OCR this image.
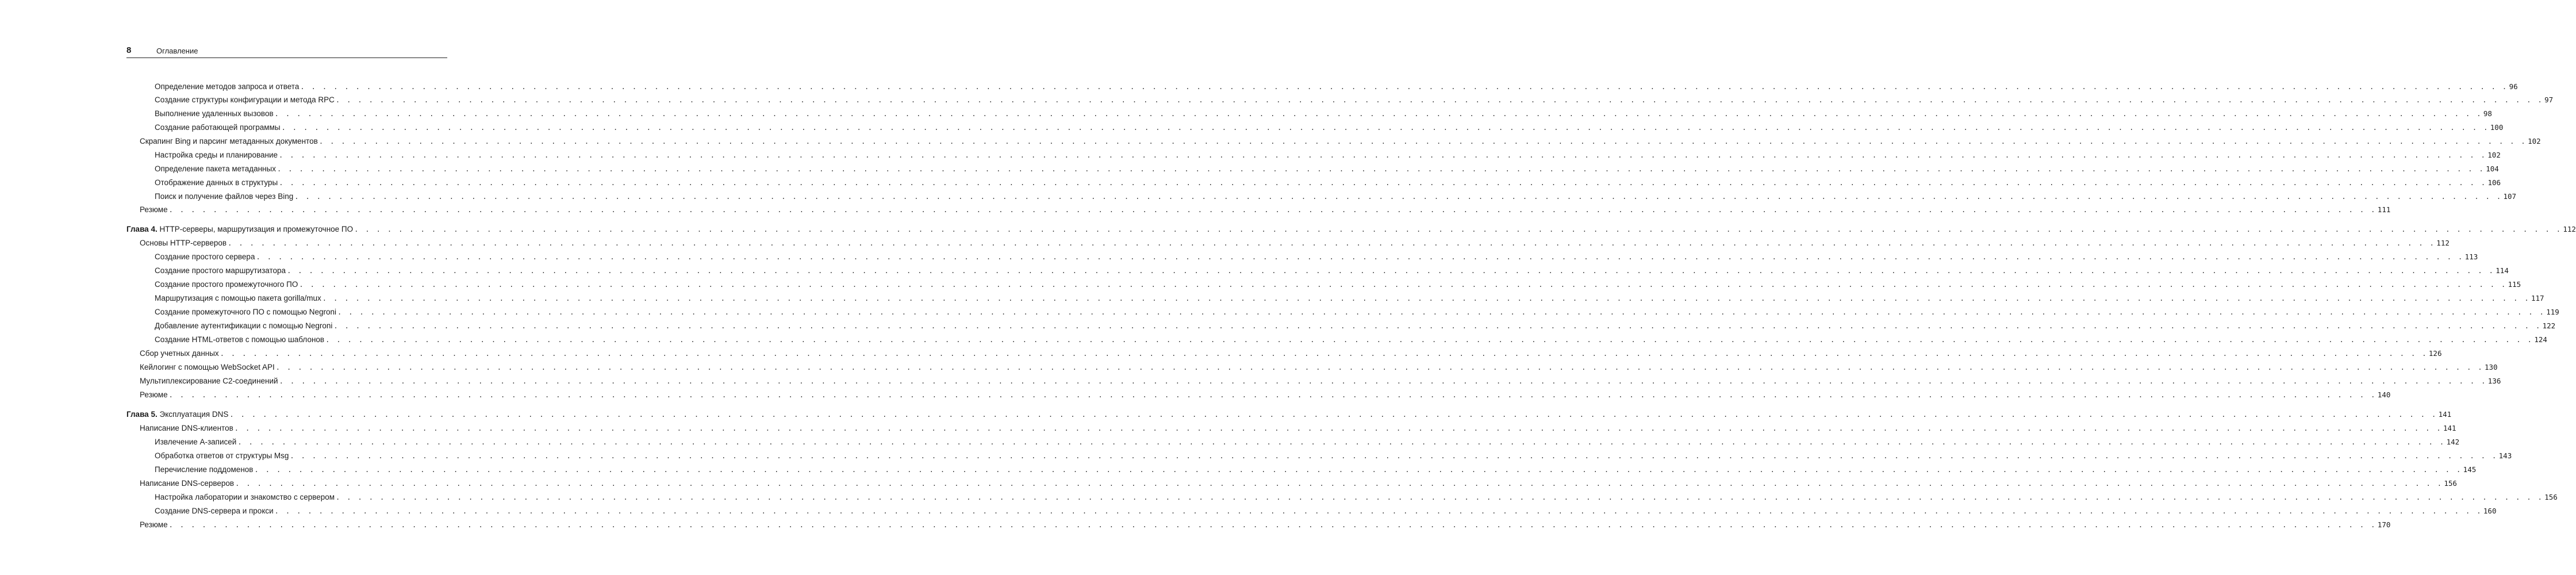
8	Оглавление
Определение методов запроса и ответа . . . . . . . . . . . . . . . . . . . . . . . . . . . . . . . . . . . . . . . . . . . . . . . . . . . . . . . . . . . . . . . . . . . . . . . . . . . . . . . . . . . . . . . . . . . . . . . . . . . . . . . . . . . . . . . . . . . . . . . . . . . . . . . . . . . . . . . . . . . . . . . . . . . . . . . . . . . . . . . . . . . . . . . . . . . . . . . . . . . . . . . . . . . . . . . . . . . . . . . . 96
Создание структуры конфигурации и метода RPC . . . . . . . . . . . . . . . . . . . . . . . . . . . . . . . . . . . . . . . . . . . . . . . . . . . . . . . . . . . . . . . . . . . . . . . . . . . . . . . . . . . . . . . . . . . . . . . . . . . . . . . . . . . . . . . . . . . . . . . . . . . . . . . . . . . . . . . . . . . . . . . . . . . . . . . . . . . . . . . . . . . . . . . . . . . . . . . . . . . . . . . . . . . . . . . . . . . . . . . . 97
Выполнение удаленных вызовов . . . . . . . . . . . . . . . . . . . . . . . . . . . . . . . . . . . . . . . . . . . . . . . . . . . . . . . . . . . . . . . . . . . . . . . . . . . . . . . . . . . . . . . . . . . . . . . . . . . . . . . . . . . . . . . . . . . . . . . . . . . . . . . . . . . . . . . . . . . . . . . . . . . . . . . . . . . . . . . . . . . . . . . . . . . . . . . . . . . . . . . . . . . . . . . . . . . . . . . . 98
Создание работающей программы . . . . . . . . . . . . . . . . . . . . . . . . . . . . . . . . . . . . . . . . . . . . . . . . . . . . . . . . . . . . . . . . . . . . . . . . . . . . . . . . . . . . . . . . . . . . . . . . . . . . . . . . . . . . . . . . . . . . . . . . . . . . . . . . . . . . . . . . . . . . . . . . . . . . . . . . . . . . . . . . . . . . . . . . . . . . . . . . . . . . . . . . . . . . . . . . . . . . . . . . 100
Скрапинг Bing и парсинг метаданных документов . . . . . . . . . . . . . . . . . . . . . . . . . . . . . . . . . . . . . . . . . . . . . . . . . . . . . . . . . . . . . . . . . . . . . . . . . . . . . . . . . . . . . . . . . . . . . . . . . . . . . . . . . . . . . . . . . . . . . . . . . . . . . . . . . . . . . . . . . . . . . . . . . . . . . . . . . . . . . . . . . . . . . . . . . . . . . . . . . . . . . . . . . . . . . . . . . . . . . . . . 102
Настройка среды и планирование . . . . . . . . . . . . . . . . . . . . . . . . . . . . . . . . . . . . . . . . . . . . . . . . . . . . . . . . . . . . . . . . . . . . . . . . . . . . . . . . . . . . . . . . . . . . . . . . . . . . . . . . . . . . . . . . . . . . . . . . . . . . . . . . . . . . . . . . . . . . . . . . . . . . . . . . . . . . . . . . . . . . . . . . . . . . . . . . . . . . . . . . . . . . . . . . . . . . . . . . 102
Определение пакета метаданных . . . . . . . . . . . . . . . . . . . . . . . . . . . . . . . . . . . . . . . . . . . . . . . . . . . . . . . . . . . . . . . . . . . . . . . . . . . . . . . . . . . . . . . . . . . . . . . . . . . . . . . . . . . . . . . . . . . . . . . . . . . . . . . . . . . . . . . . . . . . . . . . . . . . . . . . . . . . . . . . . . . . . . . . . . . . . . . . . . . . . . . . . . . . . . . . . . . . . . . . 104
Отображение данных в структуры . . . . . . . . . . . . . . . . . . . . . . . . . . . . . . . . . . . . . . . . . . . . . . . . . . . . . . . . . . . . . . . . . . . . . . . . . . . . . . . . . . . . . . . . . . . . . . . . . . . . . . . . . . . . . . . . . . . . . . . . . . . . . . . . . . . . . . . . . . . . . . . . . . . . . . . . . . . . . . . . . . . . . . . . . . . . . . . . . . . . . . . . . . . . . . . . . . . . . . . . 106
Поиск и получение файлов через Bing . . . . . . . . . . . . . . . . . . . . . . . . . . . . . . . . . . . . . . . . . . . . . . . . . . . . . . . . . . . . . . . . . . . . . . . . . . . . . . . . . . . . . . . . . . . . . . . . . . . . . . . . . . . . . . . . . . . . . . . . . . . . . . . . . . . . . . . . . . . . . . . . . . . . . . . . . . . . . . . . . . . . . . . . . . . . . . . . . . . . . . . . . . . . . . . . . . . . . . . . 107
Резюме . . . . . . . . . . . . . . . . . . . . . . . . . . . . . . . . . . . . . . . . . . . . . . . . . . . . . . . . . . . . . . . . . . . . . . . . . . . . . . . . . . . . . . . . . . . . . . . . . . . . . . . . . . . . . . . . . . . . . . . . . . . . . . . . . . . . . . . . . . . . . . . . . . . . . . . . . . . . . . . . . . . . . . . . . . . . . . . . . . . . . . . . . . . . . . . . . . . . . . . . 111
Глава 4. HTTP-серверы, маршрутизация и промежуточное ПО . . . . . . . . . . . . . . . . . . . . . . . . . . . . . . . . . . . . . . . . . . . . . . . . . . . . . . . . . . . . . . . . . . . . . . . . . . . . . . . . . . . . . . . . . . . . . . . . . . . . . . . . . . . . . . . . . . . . . . . . . . . . . . . . . . . . . . . . . . . . . . . . . . . . . . . . . . . . . . . . . . . . . . . . . . . . . . . . . . . . . . . . . . . . . . . . . . . . . . . . 112
Основы HTTP-серверов . . . . . . . . . . . . . . . . . . . . . . . . . . . . . . . . . . . . . . . . . . . . . . . . . . . . . . . . . . . . . . . . . . . . . . . . . . . . . . . . . . . . . . . . . . . . . . . . . . . . . . . . . . . . . . . . . . . . . . . . . . . . . . . . . . . . . . . . . . . . . . . . . . . . . . . . . . . . . . . . . . . . . . . . . . . . . . . . . . . . . . . . . . . . . . . . . . . . . . . . 112
Создание простого сервера . . . . . . . . . . . . . . . . . . . . . . . . . . . . . . . . . . . . . . . . . . . . . . . . . . . . . . . . . . . . . . . . . . . . . . . . . . . . . . . . . . . . . . . . . . . . . . . . . . . . . . . . . . . . . . . . . . . . . . . . . . . . . . . . . . . . . . . . . . . . . . . . . . . . . . . . . . . . . . . . . . . . . . . . . . . . . . . . . . . . . . . . . . . . . . . . . . . . . . . . 113
Создание простого маршрутизатора . . . . . . . . . . . . . . . . . . . . . . . . . . . . . . . . . . . . . . . . . . . . . . . . . . . . . . . . . . . . . . . . . . . . . . . . . . . . . . . . . . . . . . . . . . . . . . . . . . . . . . . . . . . . . . . . . . . . . . . . . . . . . . . . . . . . . . . . . . . . . . . . . . . . . . . . . . . . . . . . . . . . . . . . . . . . . . . . . . . . . . . . . . . . . . . . . . . . . . . . 114
Создание простого промежуточного ПО . . . . . . . . . . . . . . . . . . . . . . . . . . . . . . . . . . . . . . . . . . . . . . . . . . . . . . . . . . . . . . . . . . . . . . . . . . . . . . . . . . . . . . . . . . . . . . . . . . . . . . . . . . . . . . . . . . . . . . . . . . . . . . . . . . . . . . . . . . . . . . . . . . . . . . . . . . . . . . . . . . . . . . . . . . . . . . . . . . . . . . . . . . . . . . . . . . . . . . . . 115
Маршрутизация с помощью пакета gorilla/mux . . . . . . . . . . . . . . . . . . . . . . . . . . . . . . . . . . . . . . . . . . . . . . . . . . . . . . . . . . . . . . . . . . . . . . . . . . . . . . . . . . . . . . . . . . . . . . . . . . . . . . . . . . . . . . . . . . . . . . . . . . . . . . . . . . . . . . . . . . . . . . . . . . . . . . . . . . . . . . . . . . . . . . . . . . . . . . . . . . . . . . . . . . . . . . . . . . . . . . . . 117
Создание промежуточного ПО с помощью Negroni . . . . . . . . . . . . . . . . . . . . . . . . . . . . . . . . . . . . . . . . . . . . . . . . . . . . . . . . . . . . . . . . . . . . . . . . . . . . . . . . . . . . . . . . . . . . . . . . . . . . . . . . . . . . . . . . . . . . . . . . . . . . . . . . . . . . . . . . . . . . . . . . . . . . . . . . . . . . . . . . . . . . . . . . . . . . . . . . . . . . . . . . . . . . . . . . . . . . . . . . 119
Добавление аутентификации с помощью Negroni . . . . . . . . . . . . . . . . . . . . . . . . . . . . . . . . . . . . . . . . . . . . . . . . . . . . . . . . . . . . . . . . . . . . . . . . . . . . . . . . . . . . . . . . . . . . . . . . . . . . . . . . . . . . . . . . . . . . . . . . . . . . . . . . . . . . . . . . . . . . . . . . . . . . . . . . . . . . . . . . . . . . . . . . . . . . . . . . . . . . . . . . . . . . . . . . . . . . . . . . 122
Создание HTML-ответов с помощью шаблонов . . . . . . . . . . . . . . . . . . . . . . . . . . . . . . . . . . . . . . . . . . . . . . . . . . . . . . . . . . . . . . . . . . . . . . . . . . . . . . . . . . . . . . . . . . . . . . . . . . . . . . . . . . . . . . . . . . . . . . . . . . . . . . . . . . . . . . . . . . . . . . . . . . . . . . . . . . . . . . . . . . . . . . . . . . . . . . . . . . . . . . . . . . . . . . . . . . . . . . . . 124
Сбор учетных данных . . . . . . . . . . . . . . . . . . . . . . . . . . . . . . . . . . . . . . . . . . . . . . . . . . . . . . . . . . . . . . . . . . . . . . . . . . . . . . . . . . . . . . . . . . . . . . . . . . . . . . . . . . . . . . . . . . . . . . . . . . . . . . . . . . . . . . . . . . . . . . . . . . . . . . . . . . . . . . . . . . . . . . . . . . . . . . . . . . . . . . . . . . . . . . . . . . . . . . . . 126
Кейлогинг с помощью WebSocket API . . . . . . . . . . . . . . . . . . . . . . . . . . . . . . . . . . . . . . . . . . . . . . . . . . . . . . . . . . . . . . . . . . . . . . . . . . . . . . . . . . . . . . . . . . . . . . . . . . . . . . . . . . . . . . . . . . . . . . . . . . . . . . . . . . . . . . . . . . . . . . . . . . . . . . . . . . . . . . . . . . . . . . . . . . . . . . . . . . . . . . . . . . . . . . . . . . . . . . . . 130
Мультиплексирование C2-соединений . . . . . . . . . . . . . . . . . . . . . . . . . . . . . . . . . . . . . . . . . . . . . . . . . . . . . . . . . . . . . . . . . . . . . . . . . . . . . . . . . . . . . . . . . . . . . . . . . . . . . . . . . . . . . . . . . . . . . . . . . . . . . . . . . . . . . . . . . . . . . . . . . . . . . . . . . . . . . . . . . . . . . . . . . . . . . . . . . . . . . . . . . . . . . . . . . . . . . . . . 136
Резюме . . . . . . . . . . . . . . . . . . . . . . . . . . . . . . . . . . . . . . . . . . . . . . . . . . . . . . . . . . . . . . . . . . . . . . . . . . . . . . . . . . . . . . . . . . . . . . . . . . . . . . . . . . . . . . . . . . . . . . . . . . . . . . . . . . . . . . . . . . . . . . . . . . . . . . . . . . . . . . . . . . . . . . . . . . . . . . . . . . . . . . . . . . . . . . . . . . . . . . . . 140
Глава 5. Эксплуатация DNS . . . . . . . . . . . . . . . . . . . . . . . . . . . . . . . . . . . . . . . . . . . . . . . . . . . . . . . . . . . . . . . . . . . . . . . . . . . . . . . . . . . . . . . . . . . . . . . . . . . . . . . . . . . . . . . . . . . . . . . . . . . . . . . . . . . . . . . . . . . . . . . . . . . . . . . . . . . . . . . . . . . . . . . . . . . . . . . . . . . . . . . . . . . . . . . . . . . . . . . . 141
Написание DNS-клиентов . . . . . . . . . . . . . . . . . . . . . . . . . . . . . . . . . . . . . . . . . . . . . . . . . . . . . . . . . . . . . . . . . . . . . . . . . . . . . . . . . . . . . . . . . . . . . . . . . . . . . . . . . . . . . . . . . . . . . . . . . . . . . . . . . . . . . . . . . . . . . . . . . . . . . . . . . . . . . . . . . . . . . . . . . . . . . . . . . . . . . . . . . . . . . . . . . . . . . . . . 141
Извлечение A-записей . . . . . . . . . . . . . . . . . . . . . . . . . . . . . . . . . . . . . . . . . . . . . . . . . . . . . . . . . . . . . . . . . . . . . . . . . . . . . . . . . . . . . . . . . . . . . . . . . . . . . . . . . . . . . . . . . . . . . . . . . . . . . . . . . . . . . . . . . . . . . . . . . . . . . . . . . . . . . . . . . . . . . . . . . . . . . . . . . . . . . . . . . . . . . . . . . . . . . . . . 142
Обработка ответов от структуры Msg . . . . . . . . . . . . . . . . . . . . . . . . . . . . . . . . . . . . . . . . . . . . . . . . . . . . . . . . . . . . . . . . . . . . . . . . . . . . . . . . . . . . . . . . . . . . . . . . . . . . . . . . . . . . . . . . . . . . . . . . . . . . . . . . . . . . . . . . . . . . . . . . . . . . . . . . . . . . . . . . . . . . . . . . . . . . . . . . . . . . . . . . . . . . . . . . . . . . . . . . 143
Перечисление поддоменов . . . . . . . . . . . . . . . . . . . . . . . . . . . . . . . . . . . . . . . . . . . . . . . . . . . . . . . . . . . . . . . . . . . . . . . . . . . . . . . . . . . . . . . . . . . . . . . . . . . . . . . . . . . . . . . . . . . . . . . . . . . . . . . . . . . . . . . . . . . . . . . . . . . . . . . . . . . . . . . . . . . . . . . . . . . . . . . . . . . . . . . . . . . . . . . . . . . . . . . . 145
Написание DNS-серверов . . . . . . . . . . . . . . . . . . . . . . . . . . . . . . . . . . . . . . . . . . . . . . . . . . . . . . . . . . . . . . . . . . . . . . . . . . . . . . . . . . . . . . . . . . . . . . . . . . . . . . . . . . . . . . . . . . . . . . . . . . . . . . . . . . . . . . . . . . . . . . . . . . . . . . . . . . . . . . . . . . . . . . . . . . . . . . . . . . . . . . . . . . . . . . . . . . . . . . . . 156
Настройка лаборатории и знакомство с сервером . . . . . . . . . . . . . . . . . . . . . . . . . . . . . . . . . . . . . . . . . . . . . . . . . . . . . . . . . . . . . . . . . . . . . . . . . . . . . . . . . . . . . . . . . . . . . . . . . . . . . . . . . . . . . . . . . . . . . . . . . . . . . . . . . . . . . . . . . . . . . . . . . . . . . . . . . . . . . . . . . . . . . . . . . . . . . . . . . . . . . . . . . . . . . . . . . . . . . . . . 156
Создание DNS-сервера и прокси . . . . . . . . . . . . . . . . . . . . . . . . . . . . . . . . . . . . . . . . . . . . . . . . . . . . . . . . . . . . . . . . . . . . . . . . . . . . . . . . . . . . . . . . . . . . . . . . . . . . . . . . . . . . . . . . . . . . . . . . . . . . . . . . . . . . . . . . . . . . . . . . . . . . . . . . . . . . . . . . . . . . . . . . . . . . . . . . . . . . . . . . . . . . . . . . . . . . . . . . 160
Резюме . . . . . . . . . . . . . . . . . . . . . . . . . . . . . . . . . . . . . . . . . . . . . . . . . . . . . . . . . . . . . . . . . . . . . . . . . . . . . . . . . . . . . . . . . . . . . . . . . . . . . . . . . . . . . . . . . . . . . . . . . . . . . . . . . . . . . . . . . . . . . . . . . . . . . . . . . . . . . . . . . . . . . . . . . . . . . . . . . . . . . . . . . . . . . . . . . . . . . . . . 170
